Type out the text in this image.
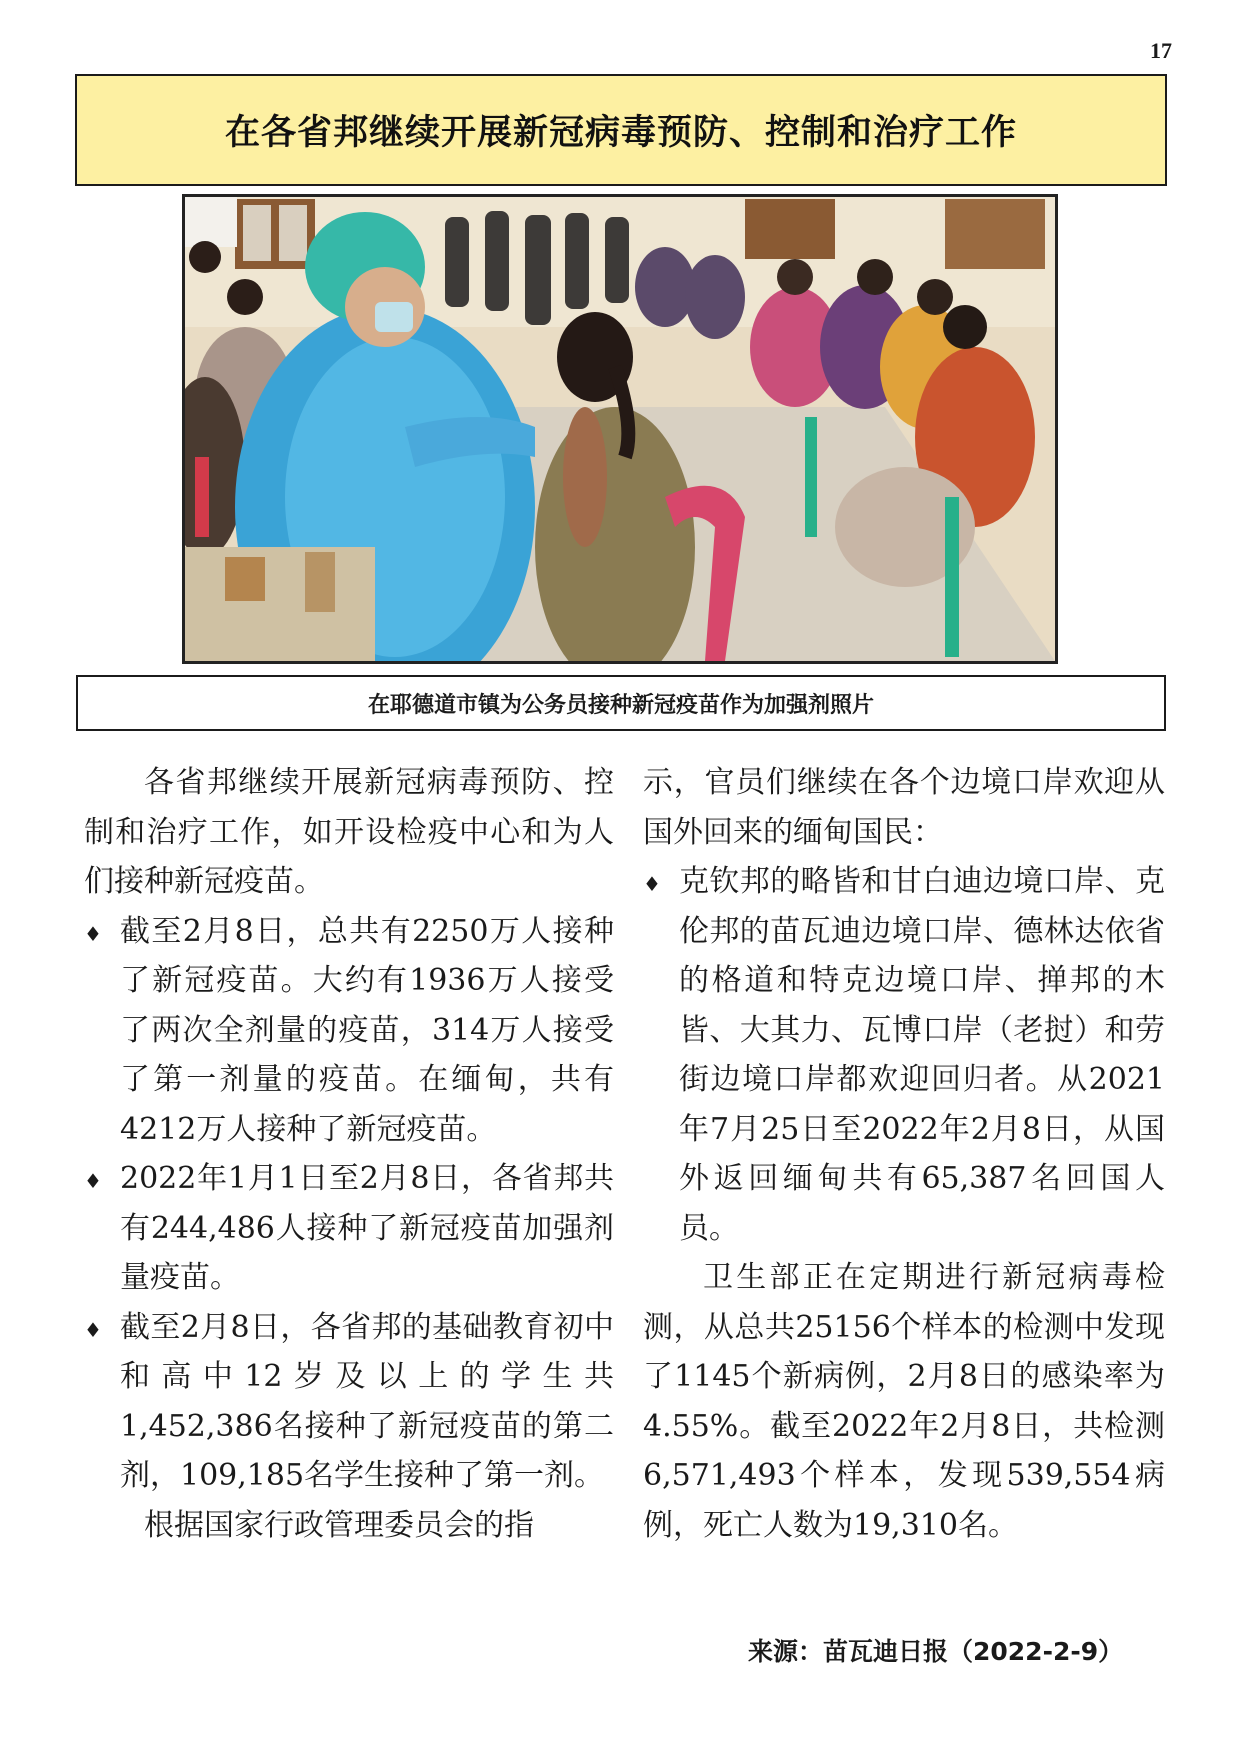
17
在各省邦继续开展新冠病毒预防、控制和治疗工作
在耶德道市镇为公务员接种新冠疫苗作为加强剂照片

各省邦继续开展新冠病毒预防、控制和治疗工作，如开设检疫中心和为人们接种新冠疫苗。

♦ 截至2月8日，总共有2250万人接种了新冠疫苗。大约有1936万人接受了两次全剂量的疫苗，314万人接受了第一剂量的疫苗。在缅甸，共有4212万人接种了新冠疫苗。

♦ 2022年1月1日至2月8日，各省邦共有244,486人接种了新冠疫苗加强剂量疫苗。

♦ 截至2月8日，各省邦的基础教育初中和高中12岁及以上的学生共1,452,386名接种了新冠疫苗的第二剂，109,185名学生接种了第一剂。

根据国家行政管理委员会的指

示，官员们继续在各个边境口岸欢迎从国外回来的缅甸国民：

♦ 克钦邦的略皆和甘白迪边境口岸、克伦邦的苗瓦迪边境口岸、德林达依省的格道和特克边境口岸、掸邦的木皆、大其力、瓦博口岸（老挝）和劳街边境口岸都欢迎回归者。从2021年7月25日至2022年2月8日，从国外返回缅甸共有65,387名回国人员。

卫生部正在定期进行新冠病毒检测，从总共25156个样本的检测中发现了1145个新病例，2月8日的感染率为4.55%。截至2022年2月8日，共检测6,571,493个样本，发现539,554病例，死亡人数为19,310名。

来源：苗瓦迪日报（2022-2-9）
